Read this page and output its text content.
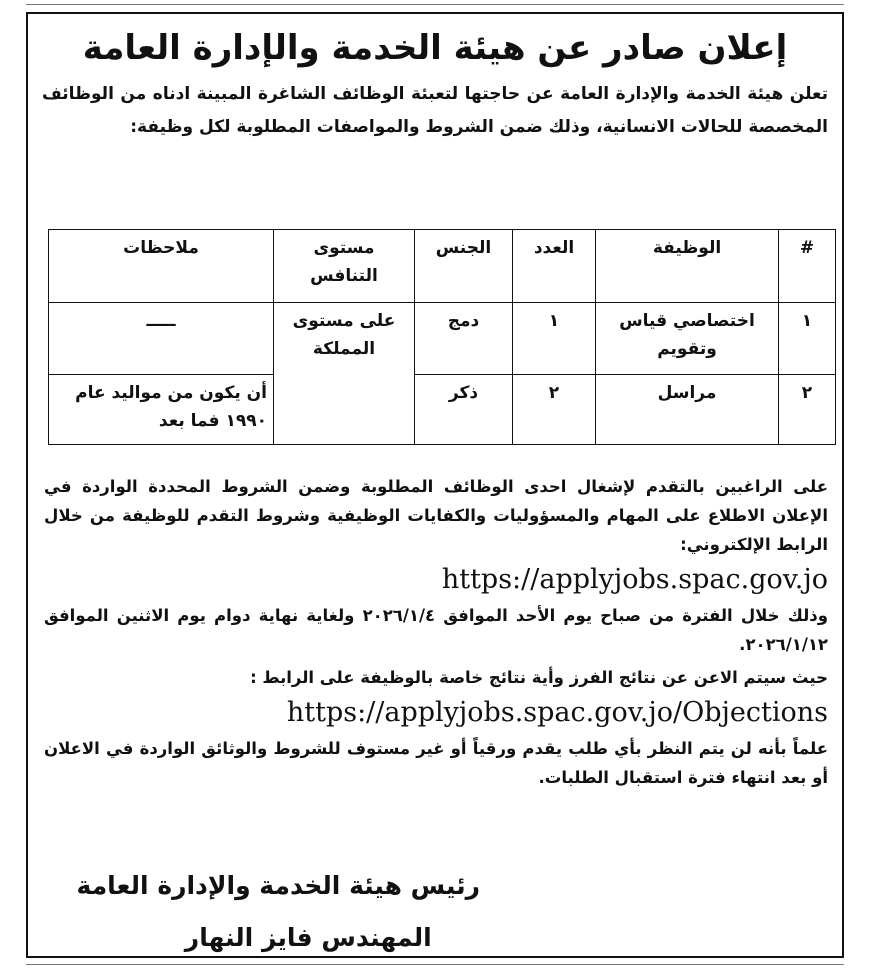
إعلان صادر عن هيئة الخدمة والإدارة العامة
تعلن هيئة الخدمة والإدارة العامة عن حاجتها لتعبئة الوظائف الشاغرة المبينة ادناه من الوظائف المخصصة للحالات الانسانية، وذلك ضمن الشروط والمواصفات المطلوبة لكل وظيفة:
#	الوظيفة	العدد	الجنس	مستوى التنافس	ملاحظات
١	اختصاصي قياس وتقويم	١	دمج	على مستوى المملكة	ـــــ
٢	مراسل	٢	ذكر		أن يكون من مواليد عام ١٩٩٠ فما بعد
على الراغبين بالتقدم لإشغال احدى الوظائف المطلوبة وضمن الشروط المحددة الواردة في الإعلان الاطلاع على المهام والمسؤوليات والكفايات الوظيفية وشروط التقدم للوظيفة من خلال الرابط الإلكتروني:
https://applyjobs.spac.gov.jo
وذلك خلال الفترة من صباح يوم الأحد الموافق ٢٠٢٦/١/٤ ولغاية نهاية دوام يوم الاثنين الموافق ٢٠٢٦/١/١٢.
حيث سيتم الاعن عن نتائج الفرز وأية نتائج خاصة بالوظيفة على الرابط :
https://applyjobs.spac.gov.jo/Objections
علماً بأنه لن يتم النظر بأي طلب يقدم ورقياً أو غير مستوف للشروط والوثائق الواردة في الاعلان أو بعد انتهاء فترة استقبال الطلبات.
رئيس هيئة الخدمة والإدارة العامة
المهندس فايز النهار
